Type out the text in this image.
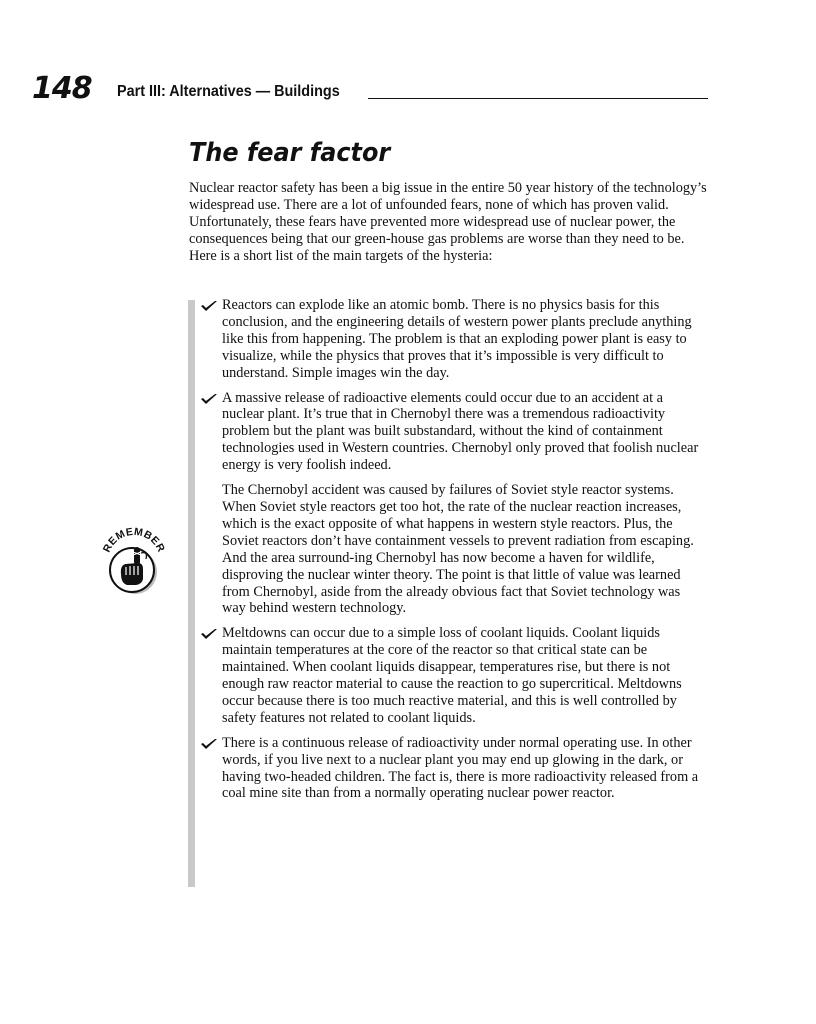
148 Part III: Alternatives — Buildings
The fear factor

Nuclear reactor safety has been a big issue in the entire 50 year history of the technology’s widespread use. There are a lot of unfounded fears, none of which has proven valid. Unfortunately, these fears have prevented more widespread use of nuclear power, the consequences being that our green-house gas problems are worse than they need to be. Here is a short list of the main targets of the hysteria:

REMEMBER
Reactors can explode like an atomic bomb. There is no physics basis for this conclusion, and the engineering details of western power plants preclude anything like this from happening. The problem is that an exploding power plant is easy to visualize, while the physics that proves that it’s impossible is very difficult to understand. Simple images win the day.
A massive release of radioactive elements could occur due to an accident at a nuclear plant. It’s true that in Chernobyl there was a tremendous radioactivity problem but the plant was built substandard, without the kind of containment technologies used in Western countries. Chernobyl only proved that foolish nuclear energy is very foolish indeed.
The Chernobyl accident was caused by failures of Soviet style reactor systems. When Soviet style reactors get too hot, the rate of the nuclear reaction increases, which is the exact opposite of what happens in western style reactors. Plus, the Soviet reactors don’t have containment vessels to prevent radiation from escaping. And the area surround-ing Chernobyl has now become a haven for wildlife, disproving the nuclear winter theory. The point is that little of value was learned from Chernobyl, aside from the already obvious fact that Soviet technology was way behind western technology.
Meltdowns can occur due to a simple loss of coolant liquids. Coolant liquids maintain temperatures at the core of the reactor so that critical state can be maintained. When coolant liquids disappear, temperatures rise, but there is not enough raw reactor material to cause the reaction to go supercritical. Meltdowns occur because there is too much reactive material, and this is well controlled by safety features not related to coolant liquids.
There is a continuous release of radioactivity under normal operating use. In other words, if you live next to a nuclear plant you may end up glowing in the dark, or having two-headed children. The fact is, there is more radioactivity released from a coal mine site than from a normally operating nuclear power reactor.
